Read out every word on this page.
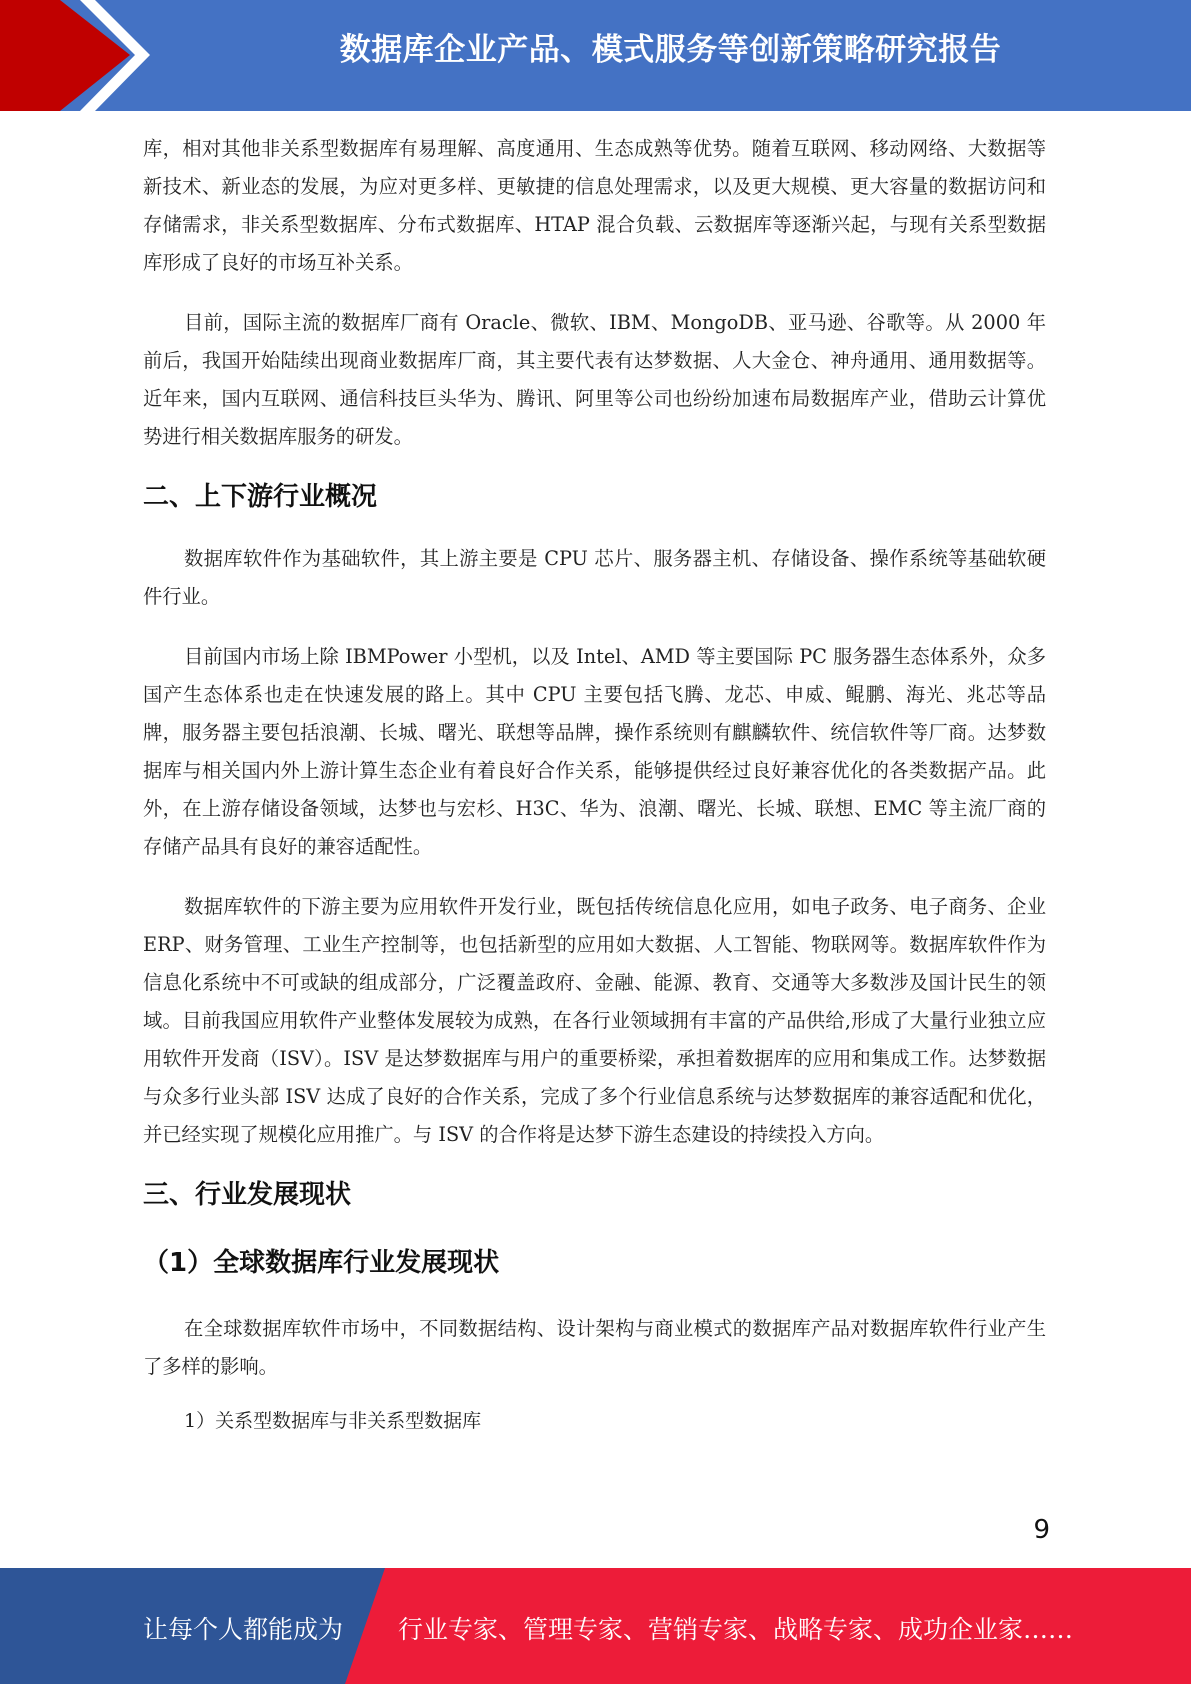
数据库企业产品、模式服务等创新策略研究报告

库，相对其他非关系型数据库有易理解、高度通用、生态成熟等优势。随着互联网、移动网络、大数据等新技术、新业态的发展，为应对更多样、更敏捷的信息处理需求，以及更大规模、更大容量的数据访问和存储需求，非关系型数据库、分布式数据库、HTAP 混合负载、云数据库等逐渐兴起，与现有关系型数据库形成了良好的市场互补关系。

目前，国际主流的数据库厂商有 Oracle、微软、IBM、MongoDB、亚马逊、谷歌等。从 2000 年前后，我国开始陆续出现商业数据库厂商，其主要代表有达梦数据、人大金仓、神舟通用、通用数据等。近年来，国内互联网、通信科技巨头华为、腾讯、阿里等公司也纷纷加速布局数据库产业，借助云计算优势进行相关数据库服务的研发。

二、上下游行业概况

数据库软件作为基础软件，其上游主要是 CPU 芯片、服务器主机、存储设备、操作系统等基础软硬件行业。

目前国内市场上除 IBMPower 小型机，以及 Intel、AMD 等主要国际 PC 服务器生态体系外，众多国产生态体系也走在快速发展的路上。其中 CPU 主要包括飞腾、龙芯、申威、鲲鹏、海光、兆芯等品牌，服务器主要包括浪潮、长城、曙光、联想等品牌，操作系统则有麒麟软件、统信软件等厂商。达梦数据库与相关国内外上游计算生态企业有着良好合作关系，能够提供经过良好兼容优化的各类数据产品。此外，在上游存储设备领域，达梦也与宏杉、H3C、华为、浪潮、曙光、长城、联想、EMC 等主流厂商的存储产品具有良好的兼容适配性。

数据库软件的下游主要为应用软件开发行业，既包括传统信息化应用，如电子政务、电子商务、企业 ERP、财务管理、工业生产控制等，也包括新型的应用如大数据、人工智能、物联网等。数据库软件作为信息化系统中不可或缺的组成部分，广泛覆盖政府、金融、能源、教育、交通等大多数涉及国计民生的领域。目前我国应用软件产业整体发展较为成熟，在各行业领域拥有丰富的产品供给,形成了大量行业独立应用软件开发商（ISV）。ISV 是达梦数据库与用户的重要桥梁，承担着数据库的应用和集成工作。达梦数据与众多行业头部 ISV 达成了良好的合作关系，完成了多个行业信息系统与达梦数据库的兼容适配和优化，并已经实现了规模化应用推广。与 ISV 的合作将是达梦下游生态建设的持续投入方向。

三、行业发展现状
（1）全球数据库行业发展现状

在全球数据库软件市场中，不同数据结构、设计架构与商业模式的数据库产品对数据库软件行业产生了多样的影响。

1）关系型数据库与非关系型数据库

9
让每个人都能成为 行业专家、管理专家、营销专家、战略专家、成功企业家……
